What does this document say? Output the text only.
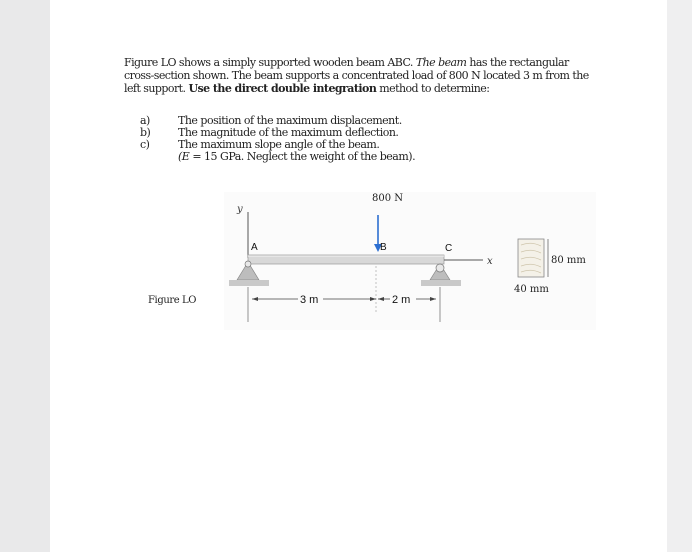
Figure LO shows a simply supported wooden beam ABC. The beam has the rectangular cross-section shown. The beam supports a concentrated load of 800 N located 3 m from the left support. Use the direct double integration method to determine:
a)	The position of the maximum displacement.
b)	The magnitude of the maximum deflection.
c)	The maximum slope angle of the beam.
(E = 15 GPa. Neglect the weight of the beam).
Figure LO
y
x
A	C
800 N
B
3 m	2 m
80 mm
40 mm
